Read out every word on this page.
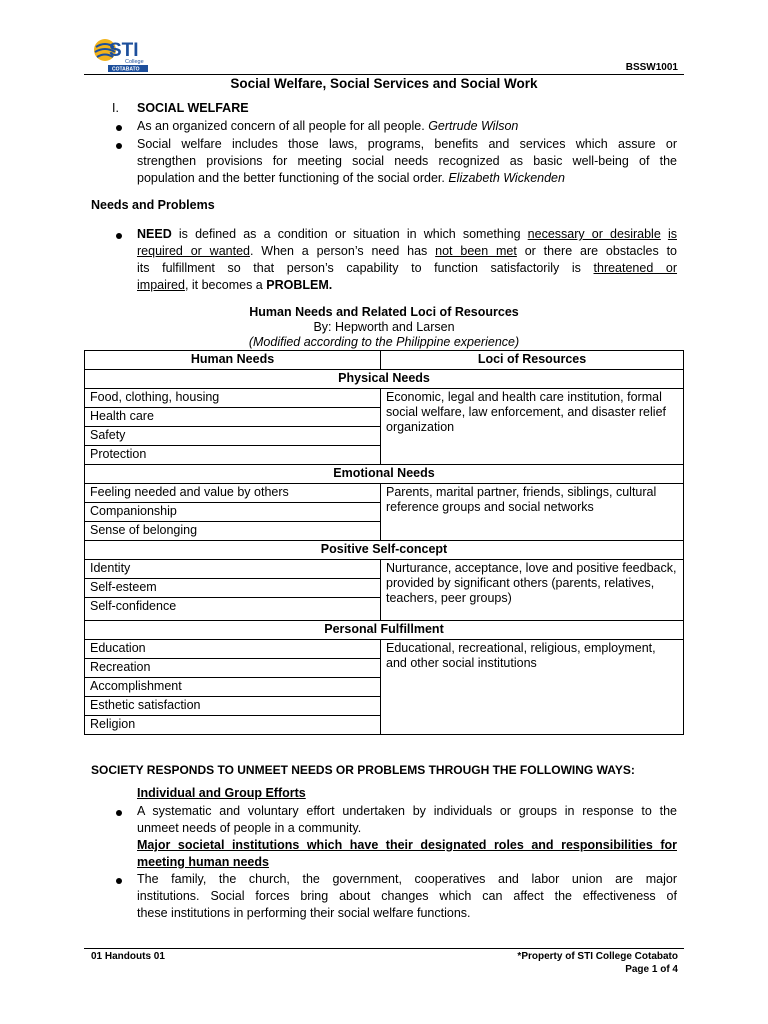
STI
College
COTABATO	BSSW1001
Social Welfare, Social Services and Social Work
I. SOCIAL WELFARE
As an organized concern of all people for all people. Gertrude Wilson
Social welfare includes those laws, programs, benefits and services which assure or
strengthen provisions for meeting social needs recognized as basic well-being of the
population and the better functioning of the social order. Elizabeth Wickenden
Needs and Problems
NEED is defined as a condition or situation in which something necessary or desirable is
required or wanted. When a person’s need has not been met or there are obstacles to
its fulfillment so that person’s capability to function satisfactorily is threatened or
impaired, it becomes a PROBLEM.
Human Needs and Related Loci of Resources
By: Hepworth and Larsen
(Modified according to the Philippine experience)
Human Needs	Loci of Resources
Physical Needs	
Food, clothing, housing	Economic, legal and health care institution, formal social welfare, law enforcement, and disaster relief organization
Health care	
Safety	
Protection	
Emotional Needs	
Feeling needed and value by others	Parents, marital partner, friends, siblings, cultural reference groups and social networks
Companionship	
Sense of belonging	
Positive Self-concept	
Identity	Nurturance, acceptance, love and positive feedback, provided by significant others (parents, relatives, teachers, peer groups)
Self-esteem	
Self-confidence	
Personal Fulfillment	
Education	Educational, recreational, religious, employment, and other social institutions
Recreation	
Accomplishment	
Esthetic satisfaction	
Religion	
SOCIETY RESPONDS TO UNMEET NEEDS OR PROBLEMS THROUGH THE FOLLOWING WAYS:
Individual and Group Efforts
A systematic and voluntary effort undertaken by individuals or groups in response to the
unmeet needs of people in a community.
Major societal institutions which have their designated roles and responsibilities for
meeting human needs
The family, the church, the government, cooperatives and labor union are major
institutions. Social forces bring about changes which can affect the effectiveness of
these institutions in performing their social welfare functions.
01 Handouts 01	*Property of STI College Cotabato
Page 1 of 4
